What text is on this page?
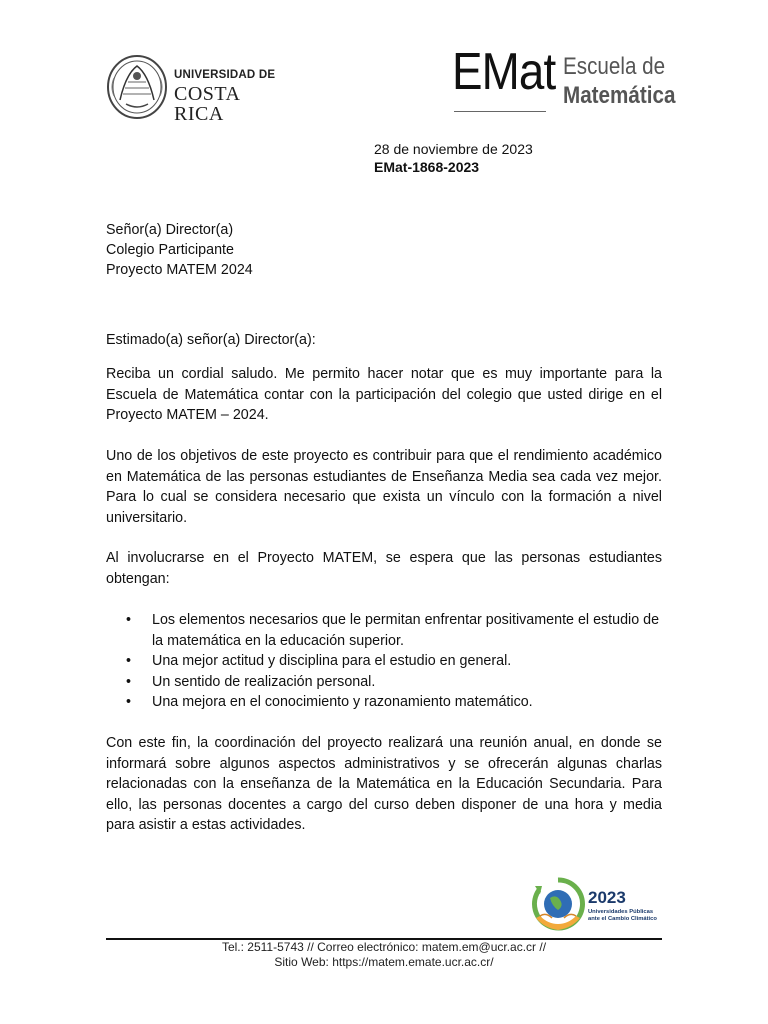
UNIVERSIDAD DE
COSTA RICA
EMat Escuela de
Matemática
28 de noviembre de 2023
EMat-1868-2023
Señor(a) Director(a)
Colegio Participante
Proyecto MATEM 2024
Estimado(a) señor(a) Director(a):
Reciba un cordial saludo. Me permito hacer notar que es muy importante para la Escuela de Matemática contar con la participación del colegio que usted dirige en el Proyecto MATEM – 2024.
Uno de los objetivos de este proyecto es contribuir para que el rendimiento académico en Matemática de las personas estudiantes de Enseñanza Media sea cada vez mejor. Para lo cual se considera necesario que exista un vínculo con la formación a nivel universitario.
Al involucrarse en el Proyecto MATEM, se espera que las personas estudiantes obtengan:
• Los elementos necesarios que le permitan enfrentar positivamente el estudio de la matemática en la educación superior.
• Una mejor actitud y disciplina para el estudio en general.
• Un sentido de realización personal.
• Una mejora en el conocimiento y razonamiento matemático.
Con este fin, la coordinación del proyecto realizará una reunión anual, en donde se informará sobre algunos aspectos administrativos y se ofrecerán algunas charlas relacionadas con la enseñanza de la Matemática en la Educación Secundaria. Para ello, las personas docentes a cargo del curso deben disponer de una hora y media para asistir a estas actividades.
2023
Universidades Públicas
ante el Cambio Climático
Tel.: 2511-5743 // Correo electrónico: matem.em@ucr.ac.cr //
Sitio Web: https://matem.emate.ucr.ac.cr/
